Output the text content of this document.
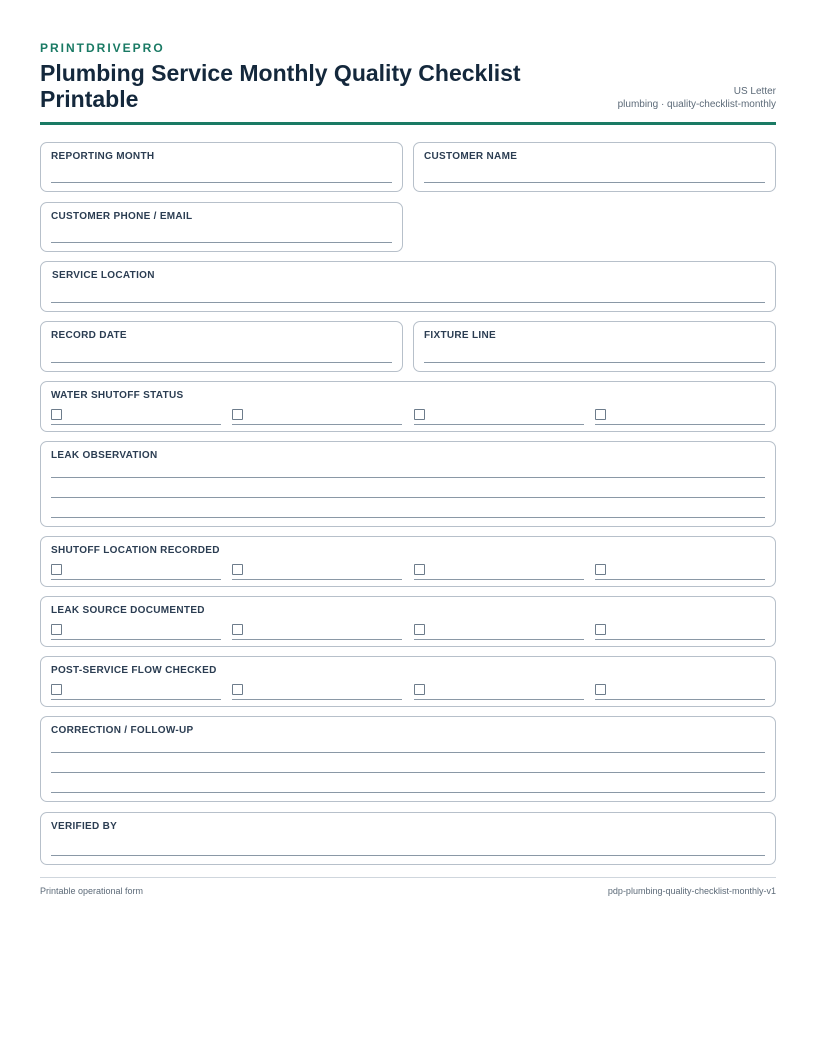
PRINTDRIVEPRO
Plumbing Service Monthly Quality Checklist Printable	US Letter
plumbing · quality-checklist-monthly
REPORTING MONTH	CUSTOMER NAME
CUSTOMER PHONE / EMAIL
SERVICE LOCATION
RECORD DATE	FIXTURE LINE
WATER SHUTOFF STATUS
LEAK OBSERVATION
SHUTOFF LOCATION RECORDED
LEAK SOURCE DOCUMENTED
POST-SERVICE FLOW CHECKED
CORRECTION / FOLLOW-UP
VERIFIED BY
Printable operational form	pdp-plumbing-quality-checklist-monthly-v1
